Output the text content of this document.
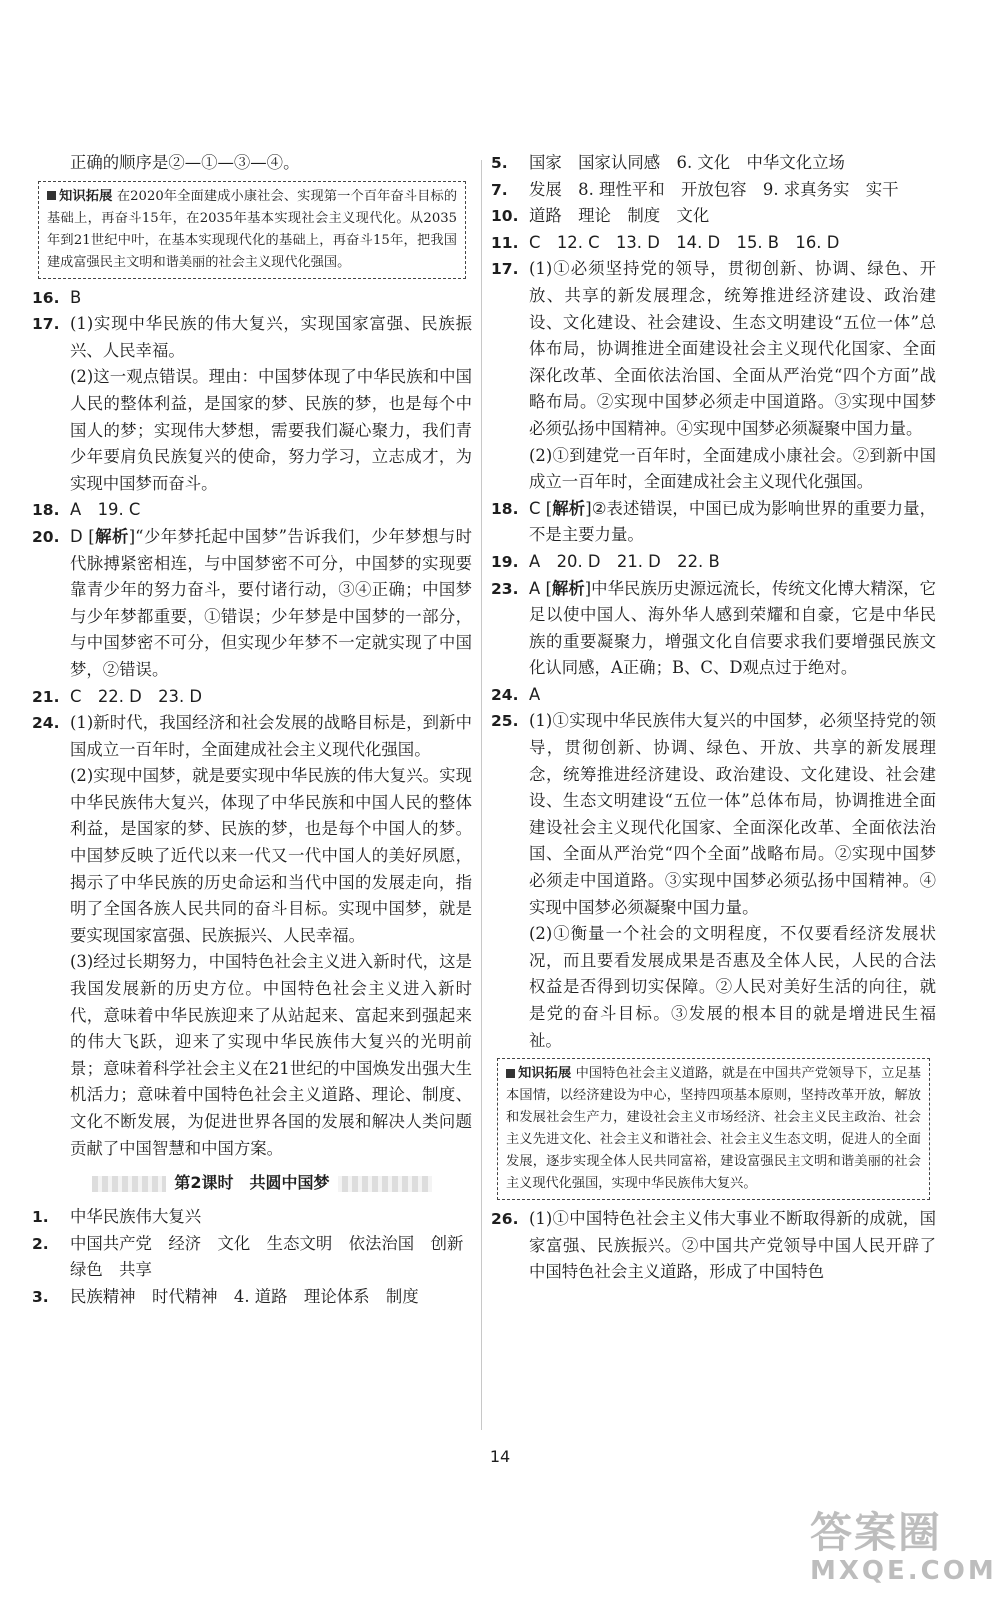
正确的顺序是②—①—③—④。
知识拓展 在2020年全面建成小康社会、实现第一个百年奋斗目标的基础上，再奋斗15年，在2035年基本实现社会主义现代化。从2035年到21世纪中叶，在基本实现现代化的基础上，再奋斗15年，把我国建成富强民主文明和谐美丽的社会主义现代化强国。
16. B
17. (1)实现中华民族的伟大复兴，实现国家富强、民族振兴、人民幸福。

(2)这一观点错误。理由：中国梦体现了中华民族和中国人民的整体利益，是国家的梦、民族的梦，也是每个中国人的梦；实现伟大梦想，需要我们凝心聚力，我们青少年要肩负民族复兴的使命，努力学习，立志成才，为实现中国梦而奋斗。

18. A　19. C
20. D [解析]“少年梦托起中国梦”告诉我们，少年梦想与时代脉搏紧密相连，与中国梦密不可分，中国梦的实现要靠青少年的努力奋斗，要付诸行动，③④正确；中国梦与少年梦都重要，①错误；少年梦是中国梦的一部分，与中国梦密不可分，但实现少年梦不一定就实现了中国梦，②错误。
21. C　22. D　23. D
24. (1)新时代，我国经济和社会发展的战略目标是，到新中国成立一百年时，全面建成社会主义现代化强国。

(2)实现中国梦，就是要实现中华民族的伟大复兴。实现中华民族伟大复兴，体现了中华民族和中国人民的整体利益，是国家的梦、民族的梦，也是每个中国人的梦。中国梦反映了近代以来一代又一代中国人的美好夙愿，揭示了中华民族的历史命运和当代中国的发展走向，指明了全国各族人民共同的奋斗目标。实现中国梦，就是要实现国家富强、民族振兴、人民幸福。

(3)经过长期努力，中国特色社会主义进入新时代，这是我国发展新的历史方位。中国特色社会主义进入新时代，意味着中华民族迎来了从站起来、富起来到强起来的伟大飞跃，迎来了实现中华民族伟大复兴的光明前景；意味着科学社会主义在21世纪的中国焕发出强大生机活力；意味着中国特色社会主义道路、理论、制度、文化不断发展，为促进世界各国的发展和解决人类问题贡献了中国智慧和中国方案。

第2课时　共圆中国梦
1.	中华民族伟大复兴
2.	中国共产党　经济　文化　生态文明　依法治国　创新　绿色　共享
3.	民族精神　时代精神　4. 道路　理论体系　制度
5.	国家　国家认同感　6. 文化　中华文化立场
7.	发展　8. 理性平和　开放包容　9. 求真务实　实干
10. 道路　理论　制度　文化
11. C　12. C　13. D　14. D　15. B　16. D
17. (1)①必须坚持党的领导，贯彻创新、协调、绿色、开放、共享的新发展理念，统筹推进经济建设、政治建设、文化建设、社会建设、生态文明建设“五位一体”总体布局，协调推进全面建设社会主义现代化国家、全面深化改革、全面依法治国、全面从严治党“四个方面”战略布局。②实现中国梦必须走中国道路。③实现中国梦必须弘扬中国精神。④实现中国梦必须凝聚中国力量。

(2)①到建党一百年时，全面建成小康社会。②到新中国成立一百年时，全面建成社会主义现代化强国。

18. C [解析]②表述错误，中国已成为影响世界的重要力量，不是主要力量。
19. A　20. D　21. D　22. B
23. A [解析]中华民族历史源远流长，传统文化博大精深，它足以使中国人、海外华人感到荣耀和自豪，它是中华民族的重要凝聚力，增强文化自信要求我们要增强民族文化认同感，A正确；B、C、D观点过于绝对。
24. A
25. (1)①实现中华民族伟大复兴的中国梦，必须坚持党的领导，贯彻创新、协调、绿色、开放、共享的新发展理念，统筹推进经济建设、政治建设、文化建设、社会建设、生态文明建设“五位一体”总体布局，协调推进全面建设社会主义现代化国家、全面深化改革、全面依法治国、全面从严治党“四个全面”战略布局。②实现中国梦必须走中国道路。③实现中国梦必须弘扬中国精神。④实现中国梦必须凝聚中国力量。

(2)①衡量一个社会的文明程度，不仅要看经济发展状况，而且要看发展成果是否惠及全体人民，人民的合法权益是否得到切实保障。②人民对美好生活的向往，就是党的奋斗目标。③发展的根本目的就是增进民生福祉。

知识拓展 中国特色社会主义道路，就是在中国共产党领导下，立足基本国情，以经济建设为中心，坚持四项基本原则，坚持改革开放，解放和发展社会生产力，建设社会主义市场经济、社会主义民主政治、社会主义先进文化、社会主义和谐社会、社会主义生态文明，促进人的全面发展，逐步实现全体人民共同富裕，建设富强民主文明和谐美丽的社会主义现代化强国，实现中华民族伟大复兴。
26. (1)①中国特色社会主义伟大事业不断取得新的成就，国家富强、民族振兴。②中国共产党领导中国人民开辟了中国特色社会主义道路，形成了中国特色
14
答案圈
MXQE.COM
